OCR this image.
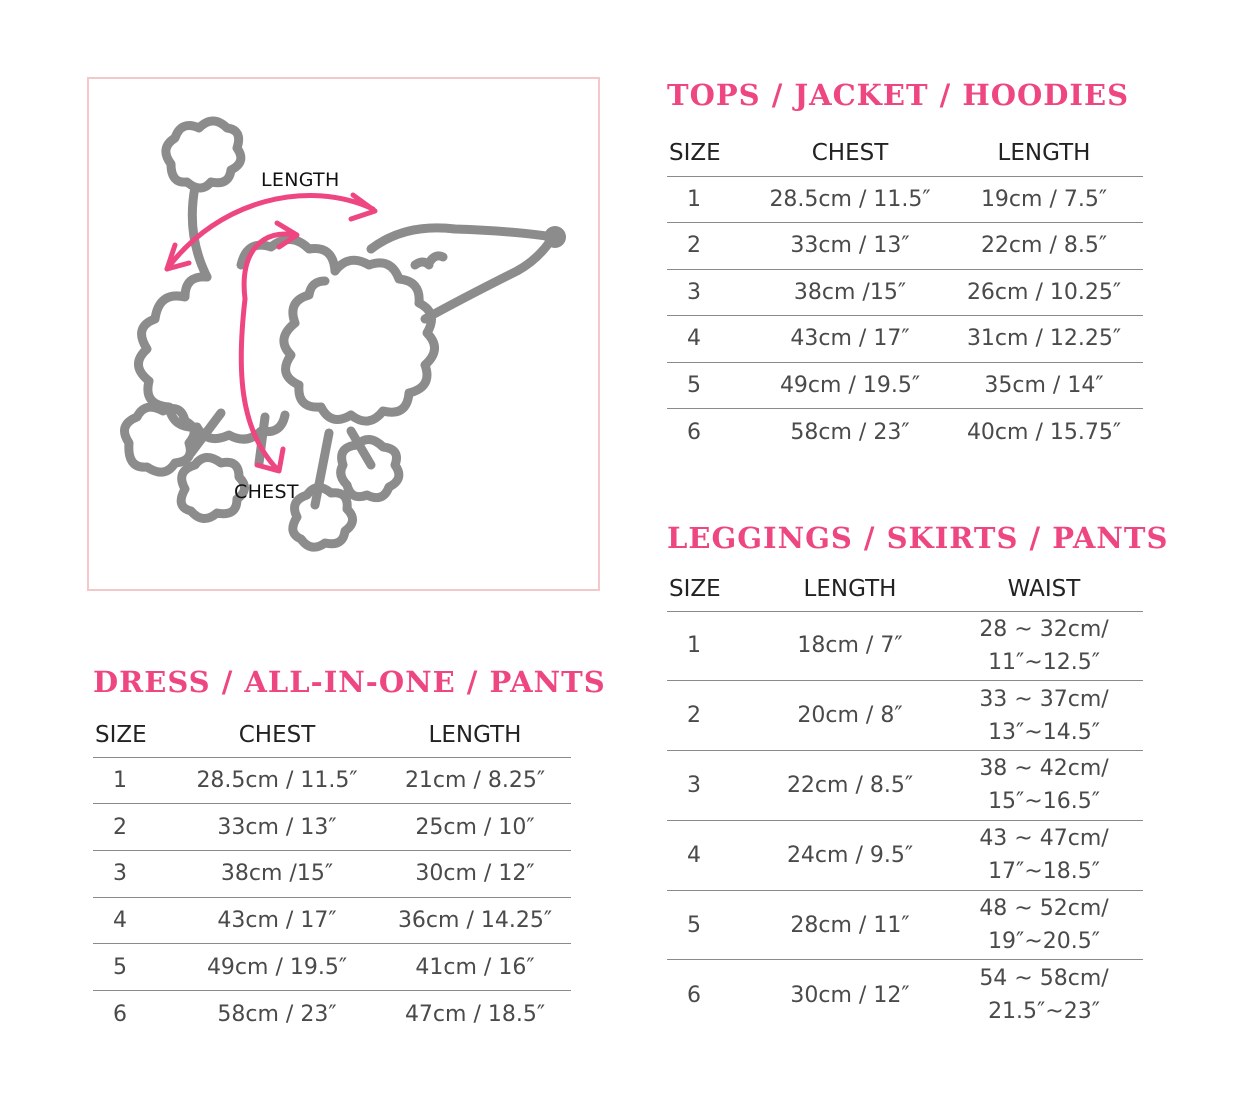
LENGTH
CHEST
TOPS / JACKET / HOODIES
SIZE	CHEST	LENGTH
1	28.5cm / 11.5″	19cm / 7.5″
2	33cm / 13″	22cm / 8.5″
3	38cm /15″	26cm / 10.25″
4	43cm / 17″	31cm / 12.25″
5	49cm / 19.5″	35cm / 14″
6	58cm / 23″	40cm / 15.75″
LEGGINGS / SKIRTS / PANTS
SIZE	LENGTH	WAIST
1	18cm / 7″	28 ~ 32cm/
11″~12.5″

2	20cm / 8″	33 ~ 37cm/
13″~14.5″

3	22cm / 8.5″	38 ~ 42cm/
15″~16.5″

4	24cm / 9.5″	43 ~ 47cm/
17″~18.5″

5	28cm / 11″	48 ~ 52cm/
19″~20.5″

6	30cm / 12″	54 ~ 58cm/
21.5″~23″
DRESS / ALL-IN-ONE / PANTS
SIZE	CHEST	LENGTH
1	28.5cm / 11.5″	21cm / 8.25″
2	33cm / 13″	25cm / 10″
3	38cm /15″	30cm / 12″
4	43cm / 17″	36cm / 14.25″
5	49cm / 19.5″	41cm / 16″
6	58cm / 23″	47cm / 18.5″
